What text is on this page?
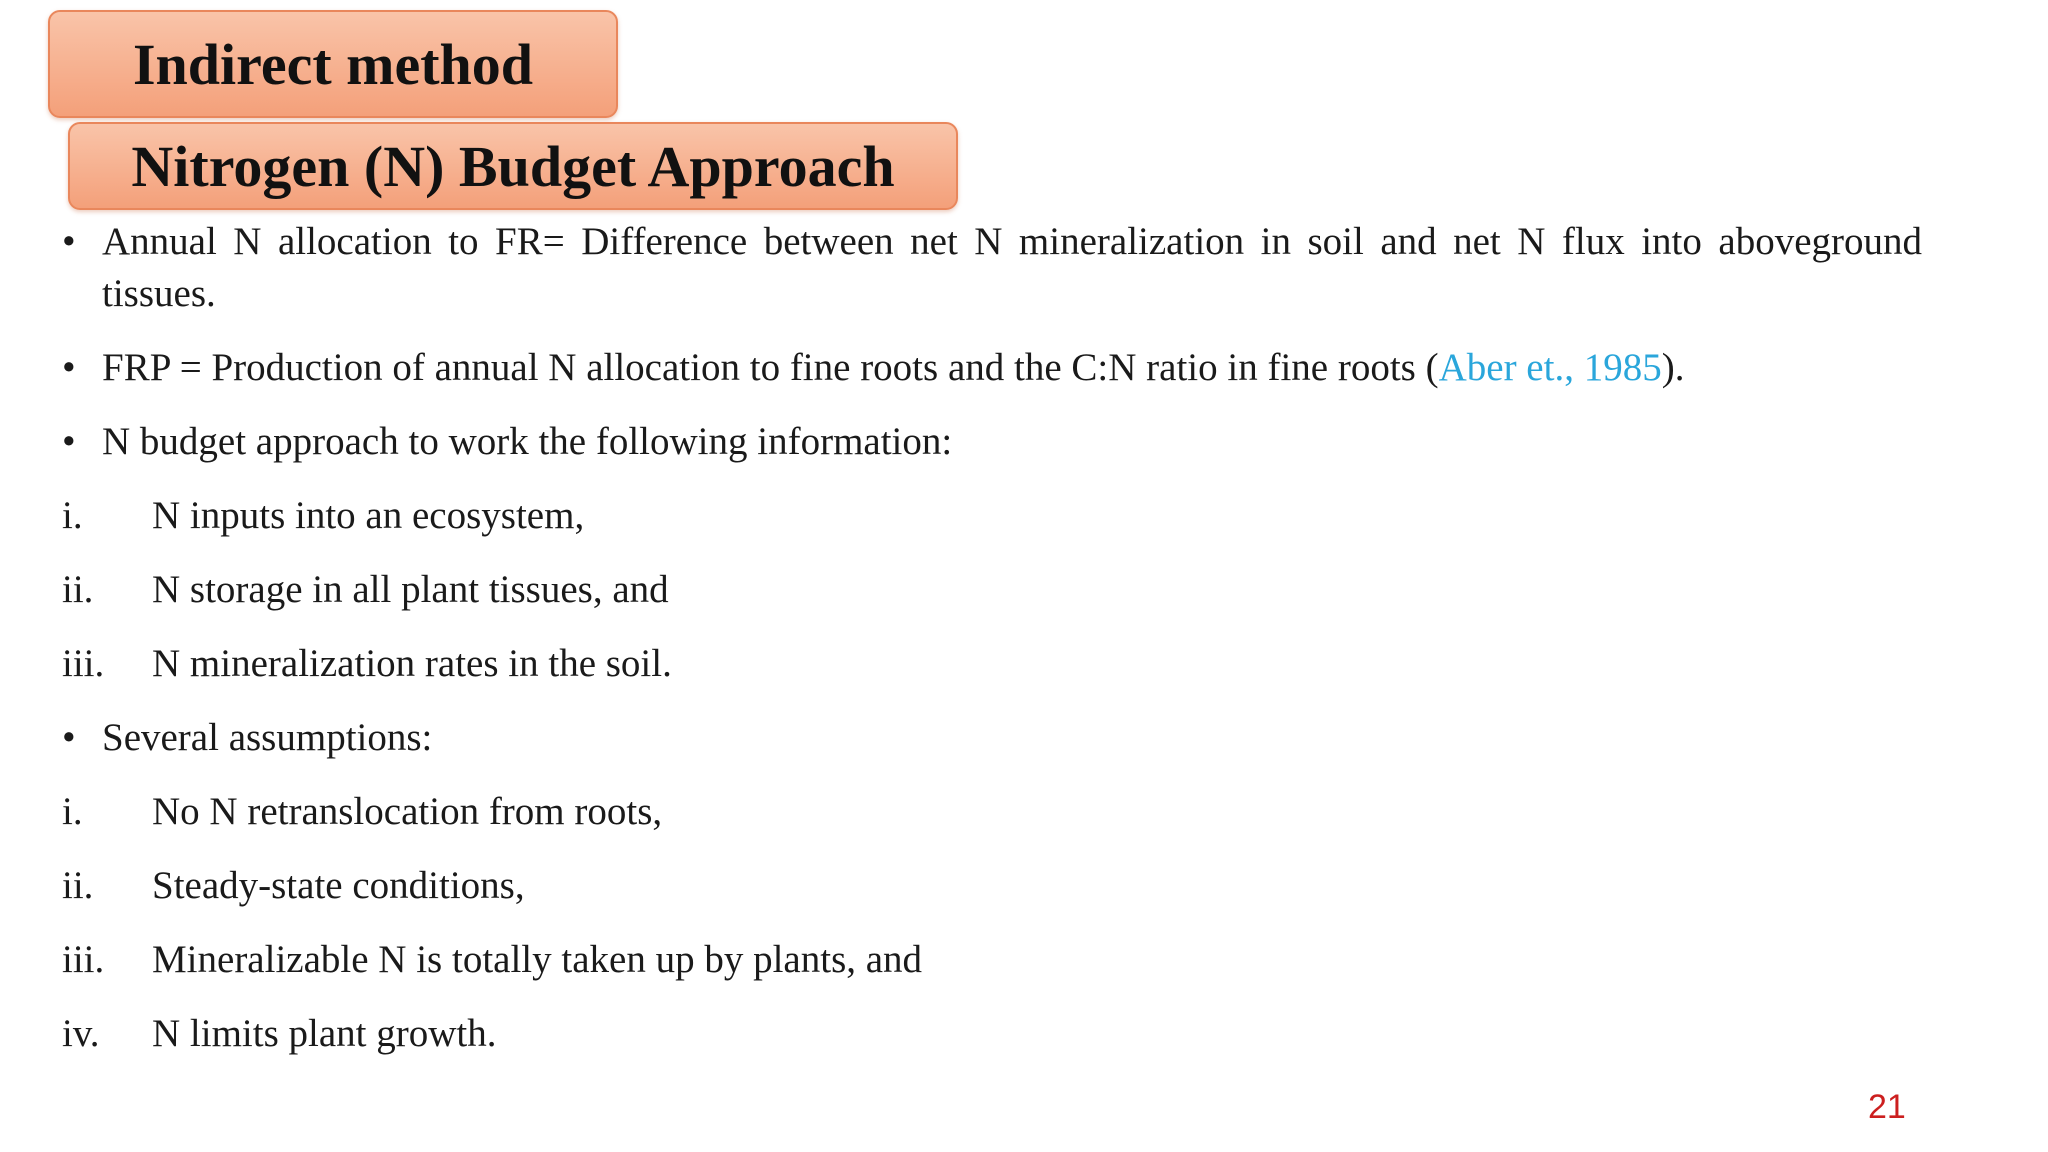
Indirect method
Nitrogen (N) Budget Approach
• Annual N allocation to FR= Difference between net N mineralization in soil and net N flux into aboveground tissues.
• FRP = Production of annual N allocation to fine roots and the C:N ratio in fine roots (Aber et., 1985).
• N budget approach to work the following information:
i.	N inputs into an ecosystem,
ii.	N storage in all plant tissues, and
iii.	N mineralization rates in the soil.
• Several assumptions:
i.	No N retranslocation from roots,
ii.	Steady-state conditions,
iii.	Mineralizable N is totally taken up by plants, and
iv.	N limits plant growth.
21
